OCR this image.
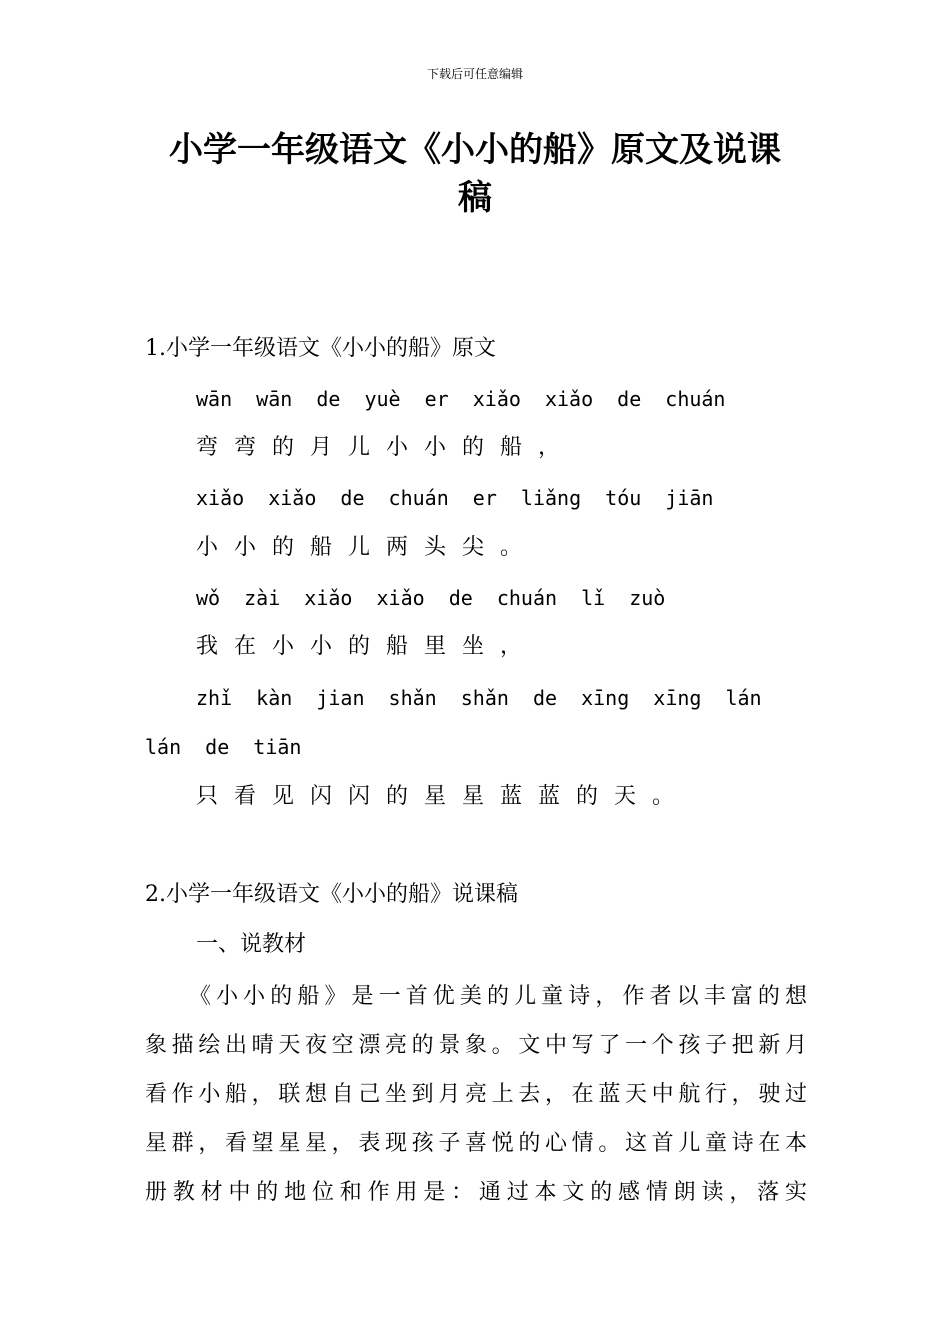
下载后可任意编辑
小学一年级语文《小小的船》原文及说课
稿
1.小学一年级语文《小小的船》原文
wān wān de yuè er xiǎo xiǎo de chuán
弯弯的月儿小小的船，
xiǎo xiǎo de chuán er liǎng tóu jiān
小小的船儿两头尖。
wǒ zài xiǎo xiǎo de chuán lǐ zuò
我在小小的船里坐，
zhǐ kàn jian shǎn shǎn de xīng xīng lán
lán de tiān
只看见闪闪的星星蓝蓝的天。
2.小学一年级语文《小小的船》说课稿
一、说教材
《小小的船》是一首优美的儿童诗，作者以丰富的想
象描绘出晴天夜空漂亮的景象。文中写了一个孩子把新月
看作小船，联想自己坐到月亮上去，在蓝天中航行，驶过
星群，看望星星，表现孩子喜悦的心情。这首儿童诗在本
册教材中的地位和作用是：通过本文的感情朗读，落实
